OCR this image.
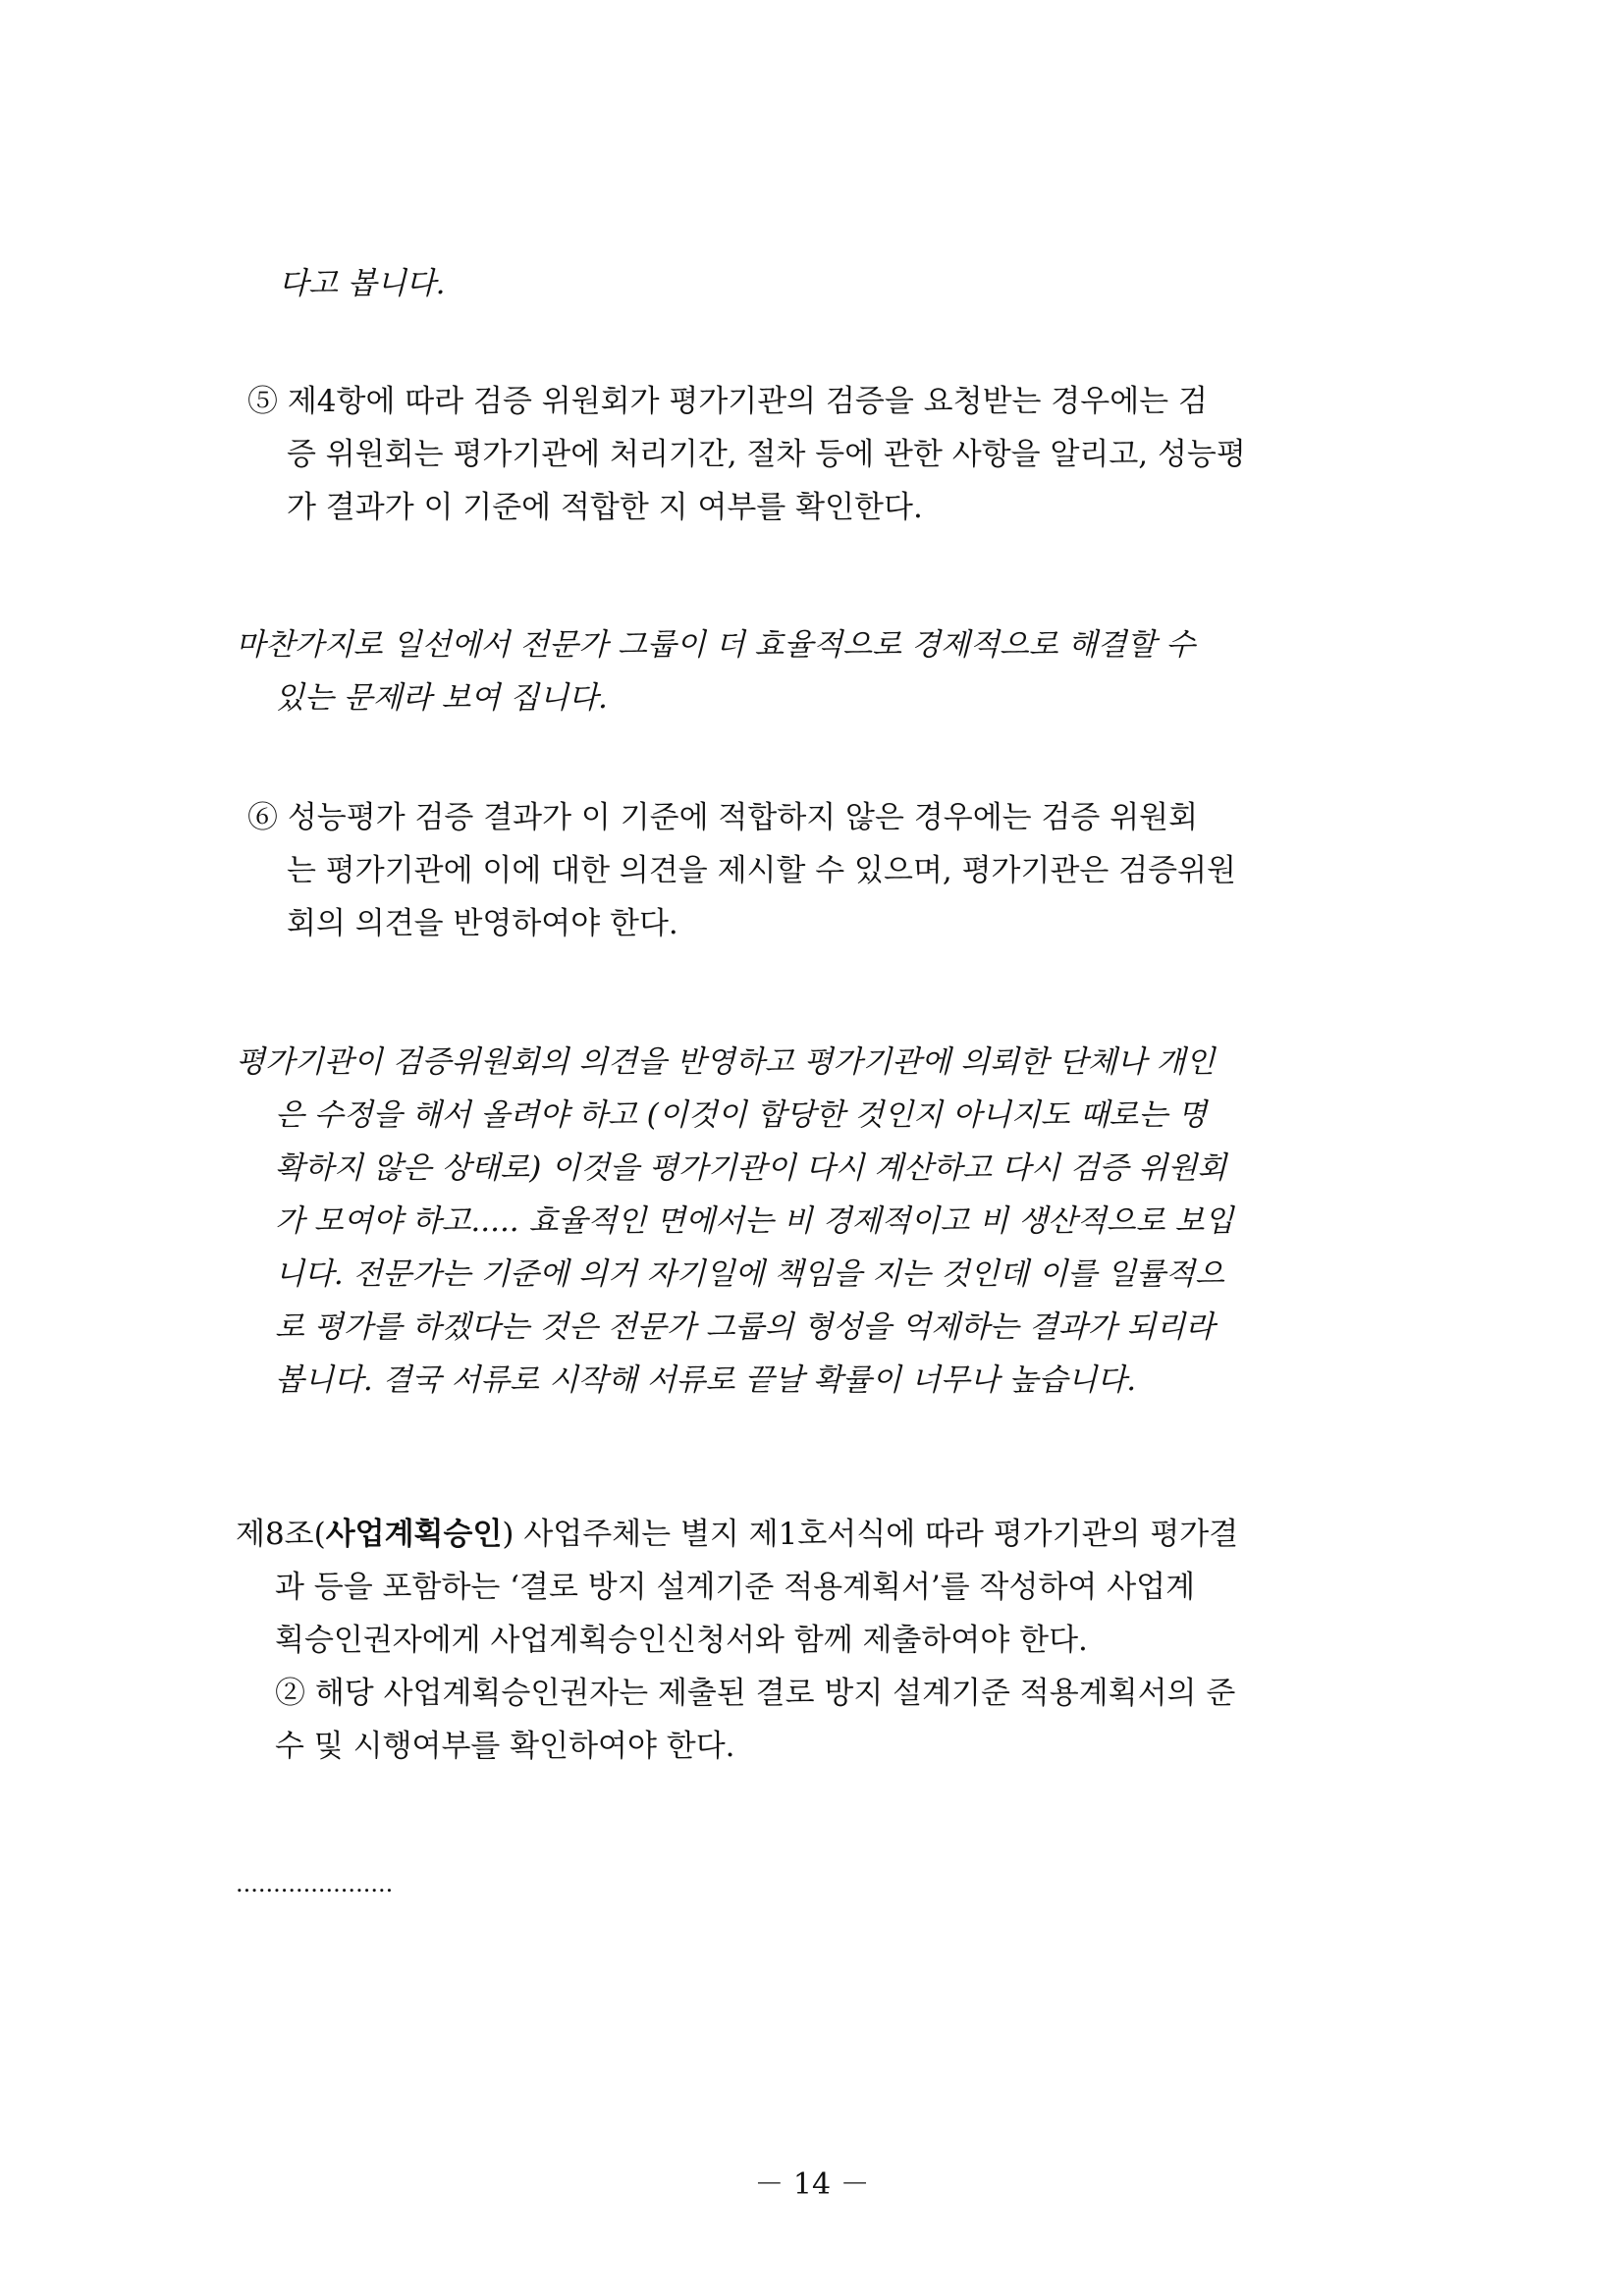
다고 봅니다.
⑤ 제4항에 따라 검증 위원회가 평가기관의 검증을 요청받는 경우에는 검
증 위원회는 평가기관에 처리기간, 절차 등에 관한 사항을 알리고, 성능평
가 결과가 이 기준에 적합한 지 여부를 확인한다.
마찬가지로 일선에서 전문가 그룹이 더 효율적으로 경제적으로 해결할 수
있는 문제라 보여 집니다.
⑥ 성능평가 검증 결과가 이 기준에 적합하지 않은 경우에는 검증 위원회
는 평가기관에 이에 대한 의견을 제시할 수 있으며, 평가기관은 검증위원
회의 의견을 반영하여야 한다.
평가기관이 검증위원회의 의견을 반영하고 평가기관에 의뢰한 단체나 개인
은 수정을 해서 올려야 하고 (이것이 합당한 것인지 아니지도 때로는 명
확하지 않은 상태로) 이것을 평가기관이 다시 계산하고 다시 검증 위원회
가 모여야 하고..... 효율적인 면에서는 비 경제적이고 비 생산적으로 보입
니다. 전문가는 기준에 의거 자기일에 책임을 지는 것인데 이를 일률적으
로 평가를 하겠다는 것은 전문가 그룹의 형성을 억제하는 결과가 되리라
봅니다. 결국 서류로 시작해 서류로 끝날 확률이 너무나 높습니다.
제8조(사업계획승인) 사업주체는 별지 제1호서식에 따라 평가기관의 평가결
과 등을 포함하는 ‘결로 방지 설계기준 적용계획서’를 작성하여 사업계
획승인권자에게 사업계획승인신청서와 함께 제출하여야 한다.
② 해당 사업계획승인권자는 제출된 결로 방지 설계기준 적용계획서의 준
수 및 시행여부를 확인하여야 한다.
.....................
－ 14 －
